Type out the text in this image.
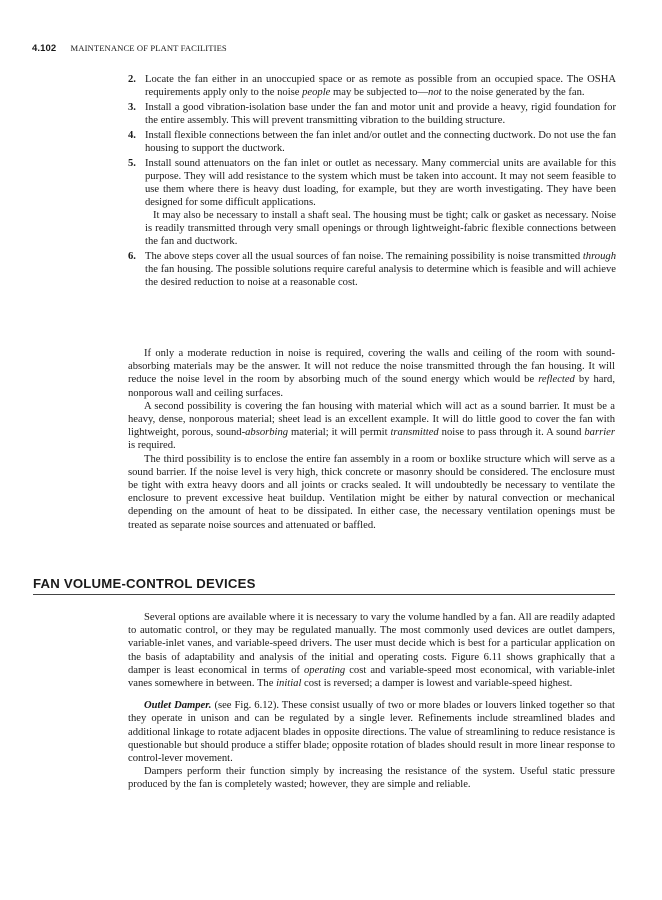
4.102 MAINTENANCE OF PLANT FACILITIES
2. Locate the fan either in an unoccupied space or as remote as possible from an occupied space. The OSHA requirements apply only to the noise people may be subjected to—not to the noise generated by the fan.
3. Install a good vibration-isolation base under the fan and motor unit and provide a heavy, rigid foundation for the entire assembly. This will prevent transmitting vibration to the building structure.
4. Install flexible connections between the fan inlet and/or outlet and the connecting ductwork. Do not use the fan housing to support the ductwork.
5. Install sound attenuators on the fan inlet or outlet as necessary. Many commercial units are available for this purpose. They will add resistance to the system which must be taken into account. It may not seem feasible to use them where there is heavy dust loading, for example, but they are worth investigating. They have been designed for some difficult applications.
It may also be necessary to install a shaft seal. The housing must be tight; calk or gasket as necessary. Noise is readily transmitted through very small openings or through lightweight-fabric flexible connections between the fan and ductwork.
6. The above steps cover all the usual sources of fan noise. The remaining possibility is noise transmitted through the fan housing. The possible solutions require careful analysis to determine which is feasible and will achieve the desired reduction to noise at a reasonable cost.

If only a moderate reduction in noise is required, covering the walls and ceiling of the room with sound-absorbing materials may be the answer. It will not reduce the noise transmitted through the fan housing. It will reduce the noise level in the room by absorbing much of the sound energy which would be reflected by hard, nonporous wall and ceiling surfaces.

A second possibility is covering the fan housing with material which will act as a sound barrier. It must be a heavy, dense, nonporous material; sheet lead is an excellent example. It will do little good to cover the fan with lightweight, porous, sound-absorbing material; it will permit transmitted noise to pass through it. A sound barrier is required.

The third possibility is to enclose the entire fan assembly in a room or boxlike structure which will serve as a sound barrier. If the noise level is very high, thick concrete or masonry should be considered. The enclosure must be tight with extra heavy doors and all joints or cracks sealed. It will undoubtedly be necessary to ventilate the enclosure to prevent excessive heat buildup. Ventilation might be either by natural convection or mechanical depending on the amount of heat to be dissipated. In either case, the necessary ventilation openings must be treated as separate noise sources and attenuated or baffled.

FAN VOLUME-CONTROL DEVICES

Several options are available where it is necessary to vary the volume handled by a fan. All are readily adapted to automatic control, or they may be regulated manually. The most commonly used devices are outlet dampers, variable-inlet vanes, and variable-speed drivers. The user must decide which is best for a particular application on the basis of adaptability and analysis of the initial and operating costs. Figure 6.11 shows graphically that a damper is least economical in terms of operating cost and variable-speed most economical, with variable-inlet vanes somewhere in between. The initial cost is reversed; a damper is lowest and variable-speed highest.

Outlet Damper. (see Fig. 6.12). These consist usually of two or more blades or louvers linked together so that they operate in unison and can be regulated by a single lever. Refinements include streamlined blades and additional linkage to rotate adjacent blades in opposite directions. The value of streamlining to reduce resistance is questionable but should produce a stiffer blade; opposite rotation of blades should result in more linear response to control-lever movement.

Dampers perform their function simply by increasing the resistance of the system. Useful static pressure produced by the fan is completely wasted; however, they are simple and reliable.
